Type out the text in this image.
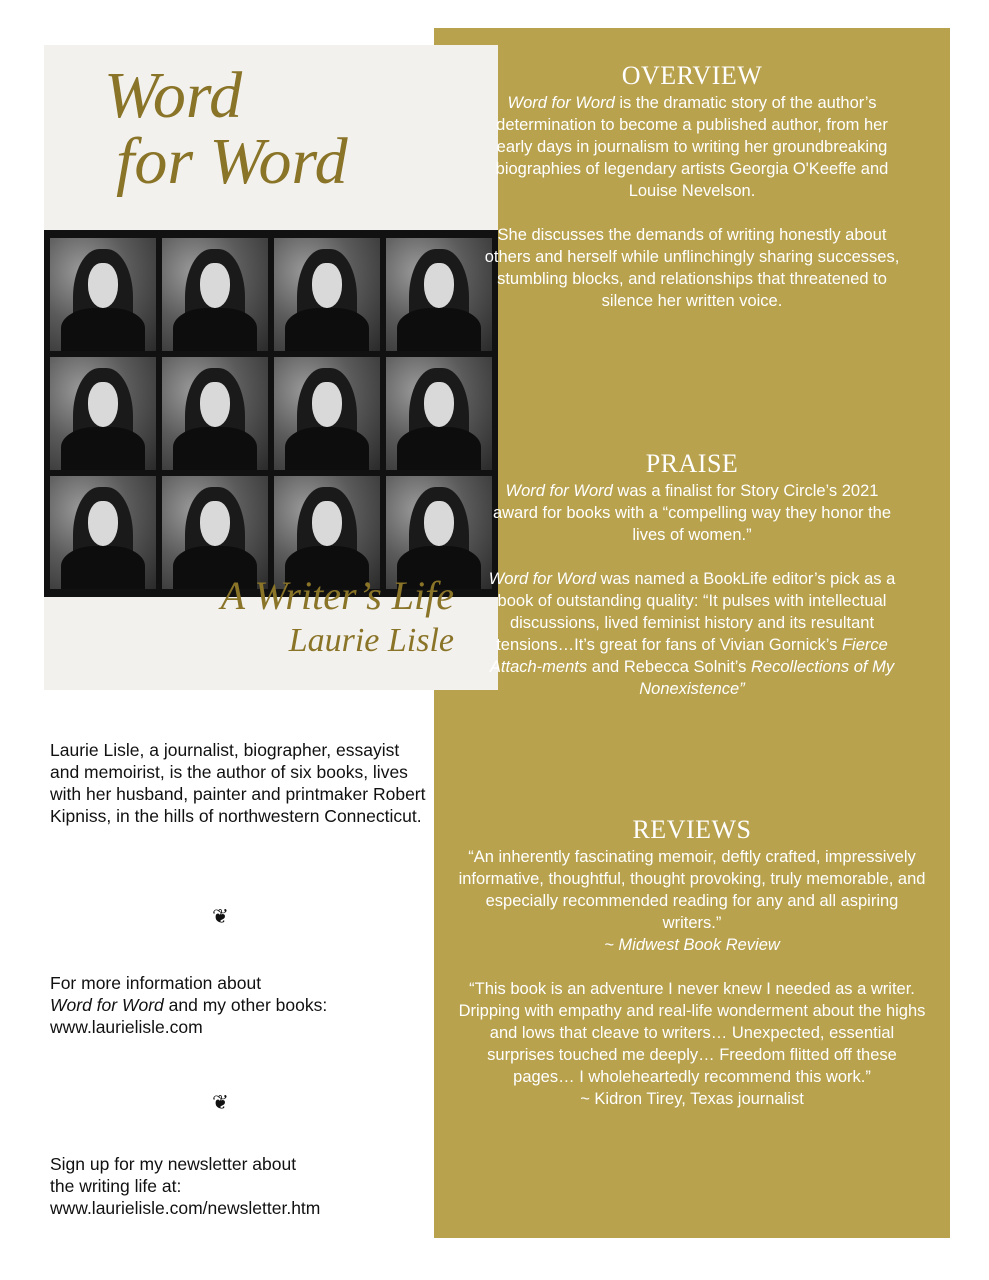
Word
for Word
A Writer’s Life
Laurie Lisle
Laurie Lisle, a journalist, biographer, essayist and memoirist, is the author of six books, lives with her husband, painter and printmaker Robert Kipniss, in the hills of northwestern Connecticut.
❦
For more information about
Word for Word and my other books:
www.laurielisle.com
❦
Sign up for my newsletter about
the writing life at:
www.laurielisle.com/newsletter.htm
OVERVIEW
Word for Word is the dramatic story of the author’s determination to become a published author, from her early days in journalism to writing her groundbreaking biographies of legendary artists Georgia O'Keeffe and Louise Nevelson.
She discusses the demands of writing honestly about others and herself while unflinchingly sharing successes, stumbling blocks, and relationships that threatened to silence her written voice.
PRAISE
Word for Word was a finalist for Story Circle’s 2021 award for books with a “compelling way they honor the lives of women.”
Word for Word was named a BookLife editor’s pick as a book of outstanding quality: “It pulses with intellectual discussions, lived feminist history and its resultant tensions…It’s great for fans of Vivian Gornick’s Fierce Attach-ments and Rebecca Solnit’s Recollections of My Nonexistence”
REVIEWS
“An inherently fascinating memoir, deftly crafted, impressively informative, thoughtful, thought provoking, truly memorable, and especially recommended reading for any and all aspiring writers.”
~ Midwest Book Review
“This book is an adventure I never knew I needed as a writer. Dripping with empathy and real-life wonderment about the highs and lows that cleave to writers… Unexpected, essential surprises touched me deeply… Freedom flitted off these pages… I wholeheartedly recommend this work.”
~ Kidron Tirey, Texas journalist
